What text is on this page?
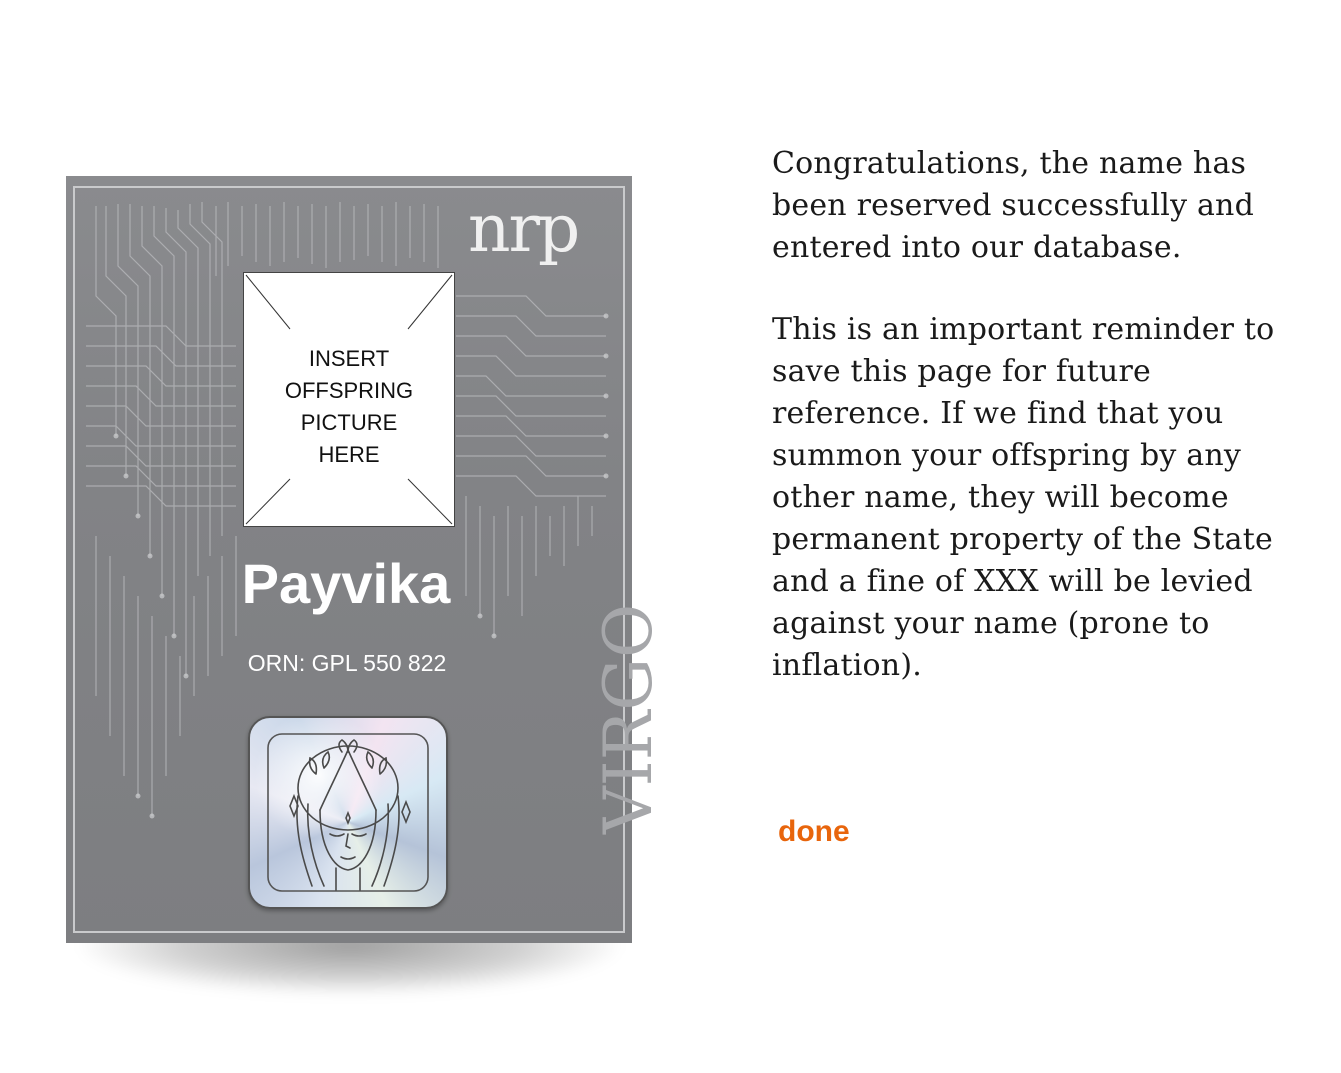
nrp
INSERT
OFFSPRING
PICTURE
HERE
Payvika
ORN: GPL 550 822	VIRGO

Congratulations, the name has been reserved successfully and entered into our database.

This is an important reminder to save this page for future reference. If we find that you summon your offspring by any other name, they will become permanent property of the State and a fine of XXX will be levied against your name (prone to inflation).

done
